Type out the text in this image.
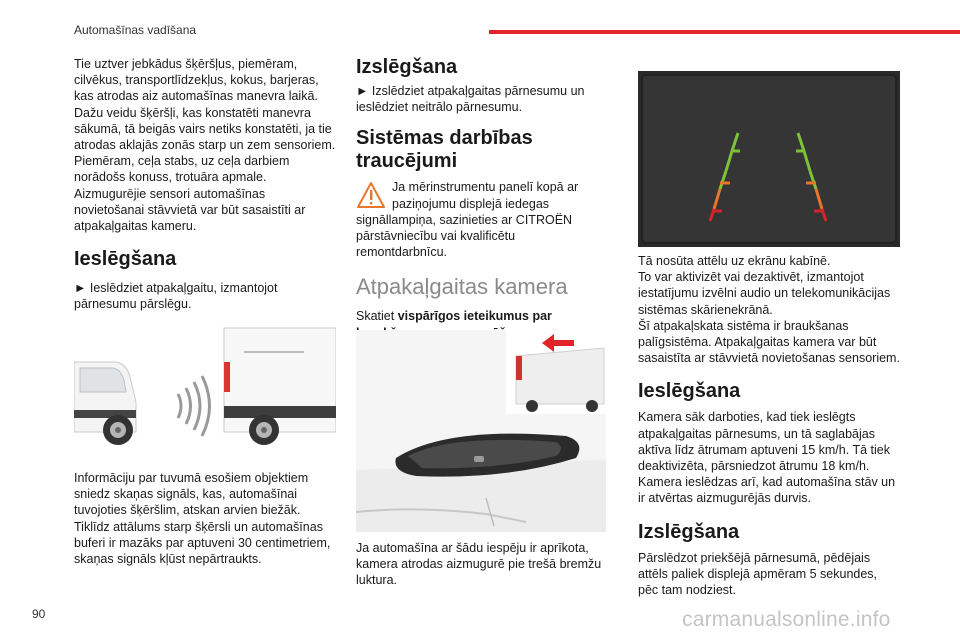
Automašīnas vadīšana

Tie uztver jebkādus šķēršļus, piemēram, cilvēkus, transportlīdzekļus, kokus, barjeras, kas atrodas aiz automašīnas manevra laikā.

Dažu veidu šķēršļi, kas konstatēti manevra sākumā, tā beigās vairs netiks konstatēti, ja tie atrodas aklajās zonās starp un zem sensoriem.

Piemēram, ceļa stabs, uz ceļa darbiem norādošs konuss, trotuāra apmale.

Aizmugurējie sensori automašīnas novietošanai stāvvietā var būt sasaistīti ar atpakaļgaitas kameru.

Ieslēgšana

► Ieslēdziet atpakaļgaitu, izmantojot pārnesumu pārslēgu.

Informāciju par tuvumā esošiem objektiem sniedz skaņas signāls, kas, automašīnai tuvojoties šķēršlim, atskan arvien biežāk.

Tiklīdz attālums starp šķērsli un automašīnas buferi ir mazāks par aptuveni 30 centimetriem, skaņas signāls kļūst nepārtraukts.

Izslēgšana

► Izslēdziet atpakaļgaitas pārnesumu un ieslēdziet neitrālo pārnesumu.

Sistēmas darbības
traucējumi

Ja mērinstrumentu panelī kopā ar paziņojumu displejā iedegas signāllampiņa, sazinieties ar CITROËN pārstāvniecību vai kvalificētu remontdarbnīcu.

Atpakaļgaitas kamera

Skatiet vispārīgos ieteikumus par

Ja automašīna ar šādu iespēju ir aprīkota, kamera atrodas aizmugurē pie trešā bremžu luktura.

Tā nosūta attēlu uz ekrānu kabīnē.

To var aktivizēt vai dezaktivēt, izmantojot iestatījumu izvēlni audio un telekomunikācijas sistēmas skārienekrānā.

Šī atpakaļskata sistēma ir braukšanas palīgsistēma. Atpakaļgaitas kamera var būt sasaistīta ar stāvvietā novietošanas sensoriem.

Ieslēgšana

Kamera sāk darboties, kad tiek ieslēgts atpakaļgaitas pārnesums, un tā saglabājas aktīva līdz ātrumam aptuveni 15 km/h. Tā tiek deaktivizēta, pārsniedzot ātrumu 18 km/h. Kamera ieslēdzas arī, kad automašīna stāv un ir atvērtas aizmugurējās durvis.

Izslēgšana

Pārslēdzot priekšējā pārnesumā, pēdējais attēls paliek displejā apmēram 5 sekundes, pēc tam nodziest.

90	carmanualsonline.info
